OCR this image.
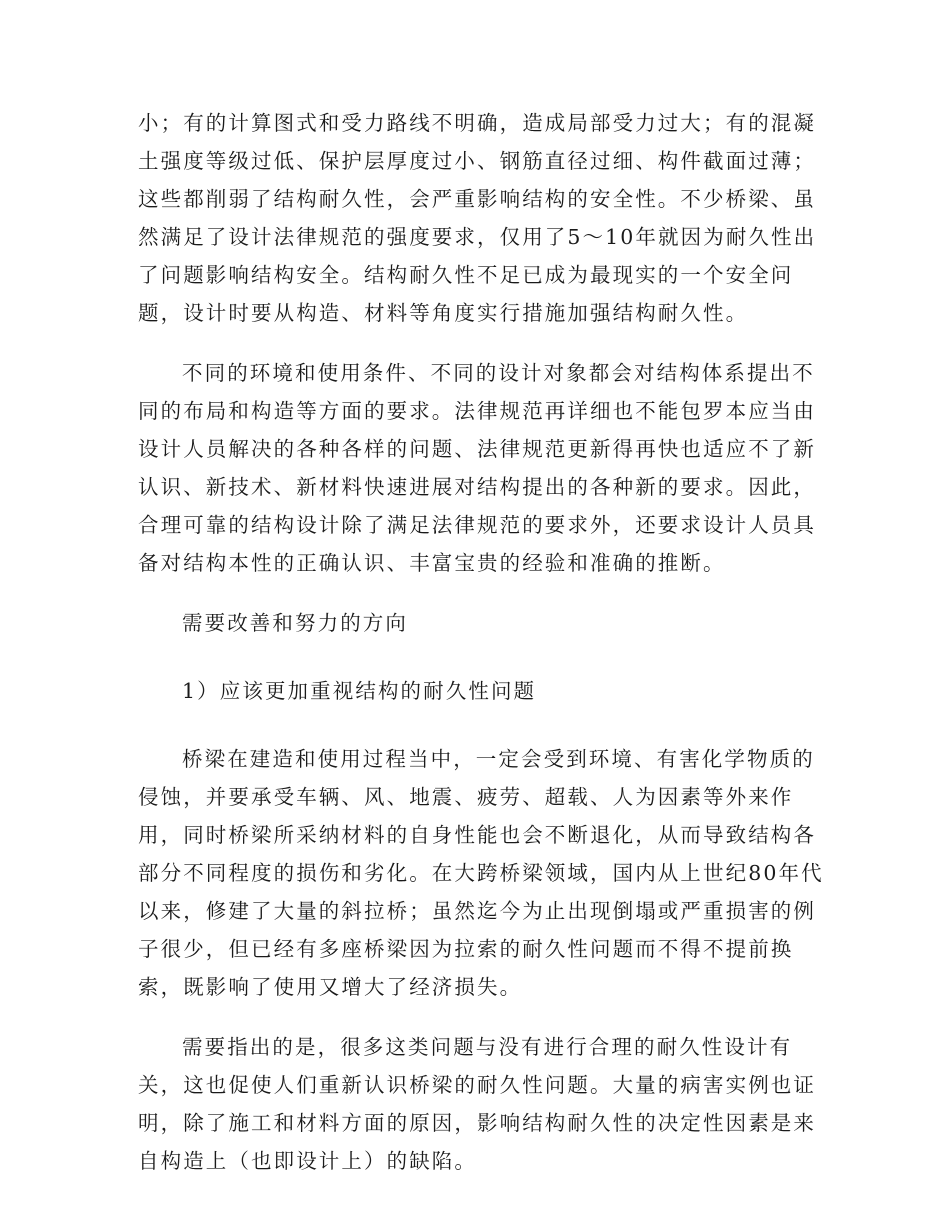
小；有的计算图式和受力路线不明确，造成局部受力过大；有的混凝
土强度等级过低、保护层厚度过小、钢筋直径过细、构件截面过薄；
这些都削弱了结构耐久性，会严重影响结构的安全性。不少桥梁、虽
然满足了设计法律规范的强度要求，仅用了5～10年就因为耐久性出
了问题影响结构安全。结构耐久性不足已成为最现实的一个安全问
题，设计时要从构造、材料等角度实行措施加强结构耐久性。
不同的环境和使用条件、不同的设计对象都会对结构体系提出不
同的布局和构造等方面的要求。法律规范再详细也不能包罗本应当由
设计人员解决的各种各样的问题、法律规范更新得再快也适应不了新
认识、新技术、新材料快速进展对结构提出的各种新的要求。因此，
合理可靠的结构设计除了满足法律规范的要求外，还要求设计人员具
备对结构本性的正确认识、丰富宝贵的经验和准确的推断。
需要改善和努力的方向
1）应该更加重视结构的耐久性问题
桥梁在建造和使用过程当中，一定会受到环境、有害化学物质的
侵蚀，并要承受车辆、风、地震、疲劳、超载、人为因素等外来作
用，同时桥梁所采纳材料的自身性能也会不断退化，从而导致结构各
部分不同程度的损伤和劣化。在大跨桥梁领域，国内从上世纪80年代
以来，修建了大量的斜拉桥；虽然迄今为止出现倒塌或严重损害的例
子很少，但已经有多座桥梁因为拉索的耐久性问题而不得不提前换
索，既影响了使用又增大了经济损失。
需要指出的是，很多这类问题与没有进行合理的耐久性设计有
关，这也促使人们重新认识桥梁的耐久性问题。大量的病害实例也证
明，除了施工和材料方面的原因，影响结构耐久性的决定性因素是来
自构造上（也即设计上）的缺陷。
